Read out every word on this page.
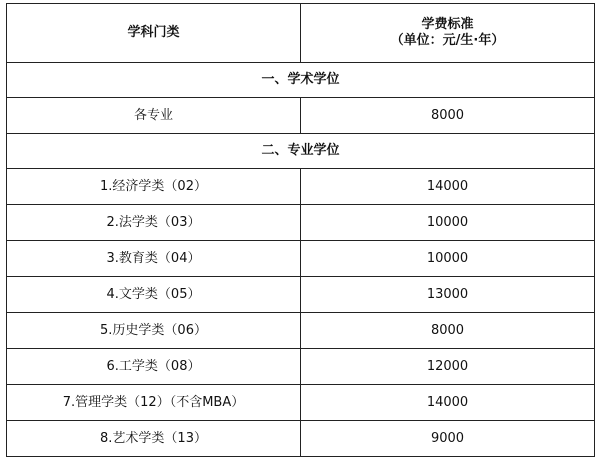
学科门类	学费标准
（单位：元/生·年）

一、学术学位	
各专业	8000
二、专业学位	
1.经济学类（02）	14000
2.法学类（03）	10000
3.教育类（04）	10000
4.文学类（05）	13000
5.历史学类（06）	8000
6.工学类（08）	12000
7.管理学类（12）（不含MBA）	14000
8.艺术学类（13）	9000
